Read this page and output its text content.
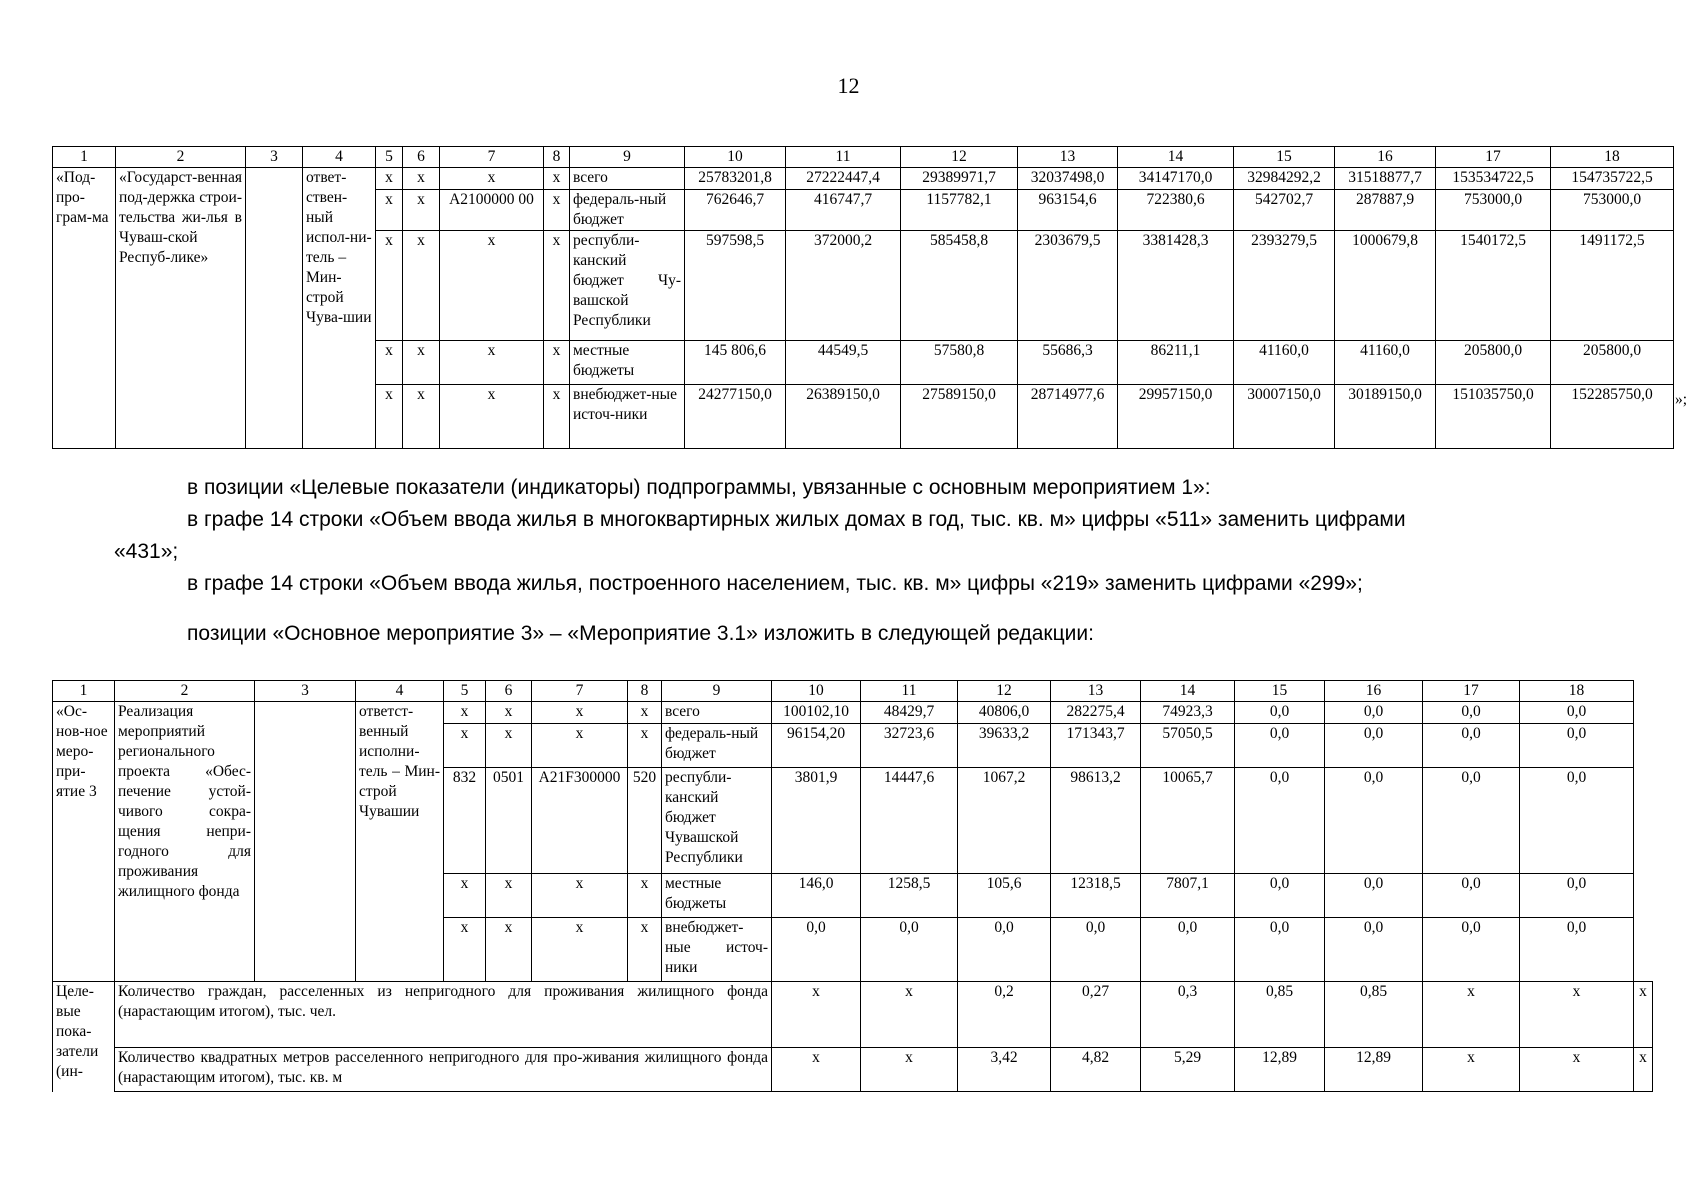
12
1	2	3	4	5	6	7	8	9	10	11	12	13	14	15	16	17	18
«Под-про-грам-ма	«Государст-венная под-держка строи-тельства жи-лья в Чуваш-ской Респуб-лике»		ответ-ствен-ный испол-ни-тель – Мин-строй Чува-шии	x	x	x	x	всего	25783201,8	27222447,4	29389971,7	32037498,0	34147170,0	32984292,2	31518877,7	153534722,5	154735722,5
				x	x	А2100000 00	x	федераль-ный бюджет	762646,7	416747,7	1157782,1	963154,6	722380,6	542702,7	287887,9	753000,0	753000,0
				x	x	x	x	республи-канский бюджет Чу-вашской Республики	597598,5	372000,2	585458,8	2303679,5	3381428,3	2393279,5	1000679,8	1540172,5	1491172,5
				x	x	x	x	местные бюджеты	145 806,6	44549,5	57580,8	55686,3	86211,1	41160,0	41160,0	205800,0	205800,0
				x	x	x	x	внебюджет-ные источ-ники	24277150,0	26389150,0	27589150,0	28714977,6	29957150,0	30007150,0	30189150,0	151035750,0	152285750,0 »;
в позиции «Целевые показатели (индикаторы) подпрограммы, увязанные с основным мероприятием 1»:
в графе 14 строки «Объем ввода жилья в многоквартирных жилых домах в год, тыс. кв. м» цифры «511» заменить цифрами
«431»;
в графе 14 строки «Объем ввода жилья, построенного населением, тыс. кв. м» цифры «219» заменить цифрами «299»;
позиции «Основное мероприятие 3» – «Мероприятие 3.1» изложить в следующей редакции:
1	2	3	4	5	6	7	8	9	10	11	12	13	14	15	16	17	18	
«Ос-нов-ное меро-при-ятие 3	Реализация мероприятий регионального проекта «Обес-печение устой-чивого сокра-щения непри-годного для проживания жилищного фонда		ответст-венный исполни-тель – Мин-строй Чувашии	x	x	x	x	всего	100102,10	48429,7	40806,0	282275,4	74923,3	0,0	0,0	0,0	0,0	
				x	x	x	x	федераль-ный бюджет	96154,20	32723,6	39633,2	171343,7	57050,5	0,0	0,0	0,0	0,0	
				832	0501	A21F300000	520	республи-канский бюджет Чувашской Республики	3801,9	14447,6	1067,2	98613,2	10065,7	0,0	0,0	0,0	0,0	
				x	x	x	x	местные бюджеты	146,0	1258,5	105,6	12318,5	7807,1	0,0	0,0	0,0	0,0	
				x	x	x	x	внебюджет-ные источ-ники	0,0	0,0	0,0	0,0	0,0	0,0	0,0	0,0	0,0	
Целе-вые пока-затели (ин-	Количество граждан, расселенных из непригодного для проживания жилищного фонда (нарастающим итогом), тыс. чел.								x	x	0,2	0,27	0,3	0,85	0,85	x	x	x
	Количество квадратных метров расселенного непригодного для про-живания жилищного фонда (нарастающим итогом), тыс. кв. м								x	x	3,42	4,82	5,29	12,89	12,89	x	x	x
